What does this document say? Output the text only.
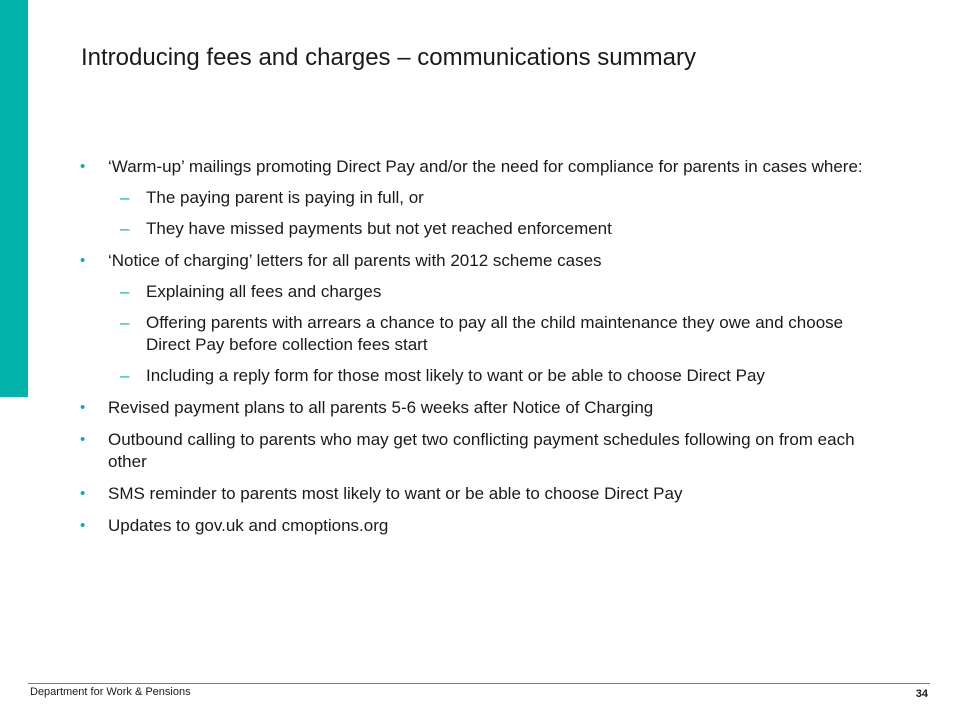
Introducing fees and charges – communications summary
• ‘Warm-up’ mailings promoting Direct Pay and/or the need for compliance for parents in cases where:
– The paying parent is paying in full, or
– They have missed payments but not yet reached enforcement
• ‘Notice of charging’ letters for all parents with 2012 scheme cases
– Explaining all fees and charges
– Offering parents with arrears a chance to pay all the child maintenance they owe and choose Direct Pay before collection fees start
– Including a reply form for those most likely to want or be able to choose Direct Pay
• Revised payment plans to all parents 5-6 weeks after Notice of Charging
• Outbound calling to parents who may get two conflicting payment schedules following on from each other
• SMS reminder to parents most likely to want or be able to choose Direct Pay
• Updates to gov.uk and cmoptions.org
Department for Work & Pensions	34
